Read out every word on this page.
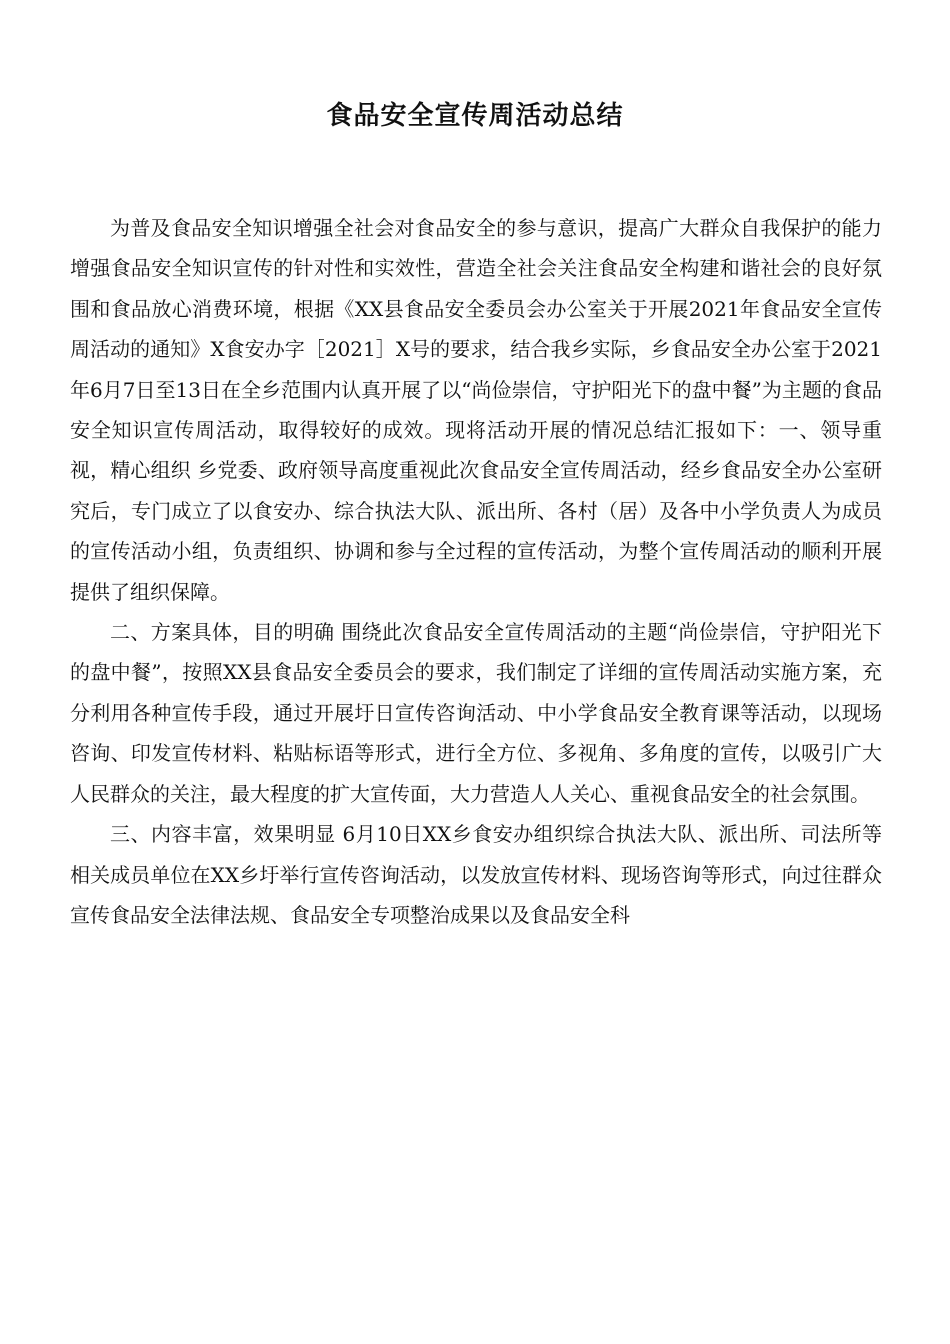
食品安全宣传周活动总结

为普及食品安全知识增强全社会对食品安全的参与意识，提高广大群众自我保护的能力增强食品安全知识宣传的针对性和实效性，营造全社会关注食品安全构建和谐社会的良好氛围和食品放心消费环境，根据《XX县食品安全委员会办公室关于开展2021年食品安全宣传周活动的通知》X食安办字［2021］X号的要求，结合我乡实际，乡食品安全办公室于2021年6月7日至13日在全乡范围内认真开展了以“尚俭崇信，守护阳光下的盘中餐”为主题的食品安全知识宣传周活动，取得较好的成效。现将活动开展的情况总结汇报如下：一、领导重视，精心组织 乡党委、政府领导高度重视此次食品安全宣传周活动，经乡食品安全办公室研究后，专门成立了以食安办、综合执法大队、派出所、各村（居）及各中小学负责人为成员的宣传活动小组，负责组织、协调和参与全过程的宣传活动，为整个宣传周活动的顺利开展提供了组织保障。

二、方案具体，目的明确 围绕此次食品安全宣传周活动的主题“尚俭崇信，守护阳光下的盘中餐”，按照XX县食品安全委员会的要求，我们制定了详细的宣传周活动实施方案，充分利用各种宣传手段，通过开展圩日宣传咨询活动、中小学食品安全教育课等活动，以现场咨询、印发宣传材料、粘贴标语等形式，进行全方位、多视角、多角度的宣传，以吸引广大人民群众的关注，最大程度的扩大宣传面，大力营造人人关心、重视食品安全的社会氛围。

三、内容丰富，效果明显 6月10日XX乡食安办组织综合执法大队、派出所、司法所等相关成员单位在XX乡圩举行宣传咨询活动，以发放宣传材料、现场咨询等形式，向过往群众宣传食品安全法律法规、食品安全专项整治成果以及食品安全科
